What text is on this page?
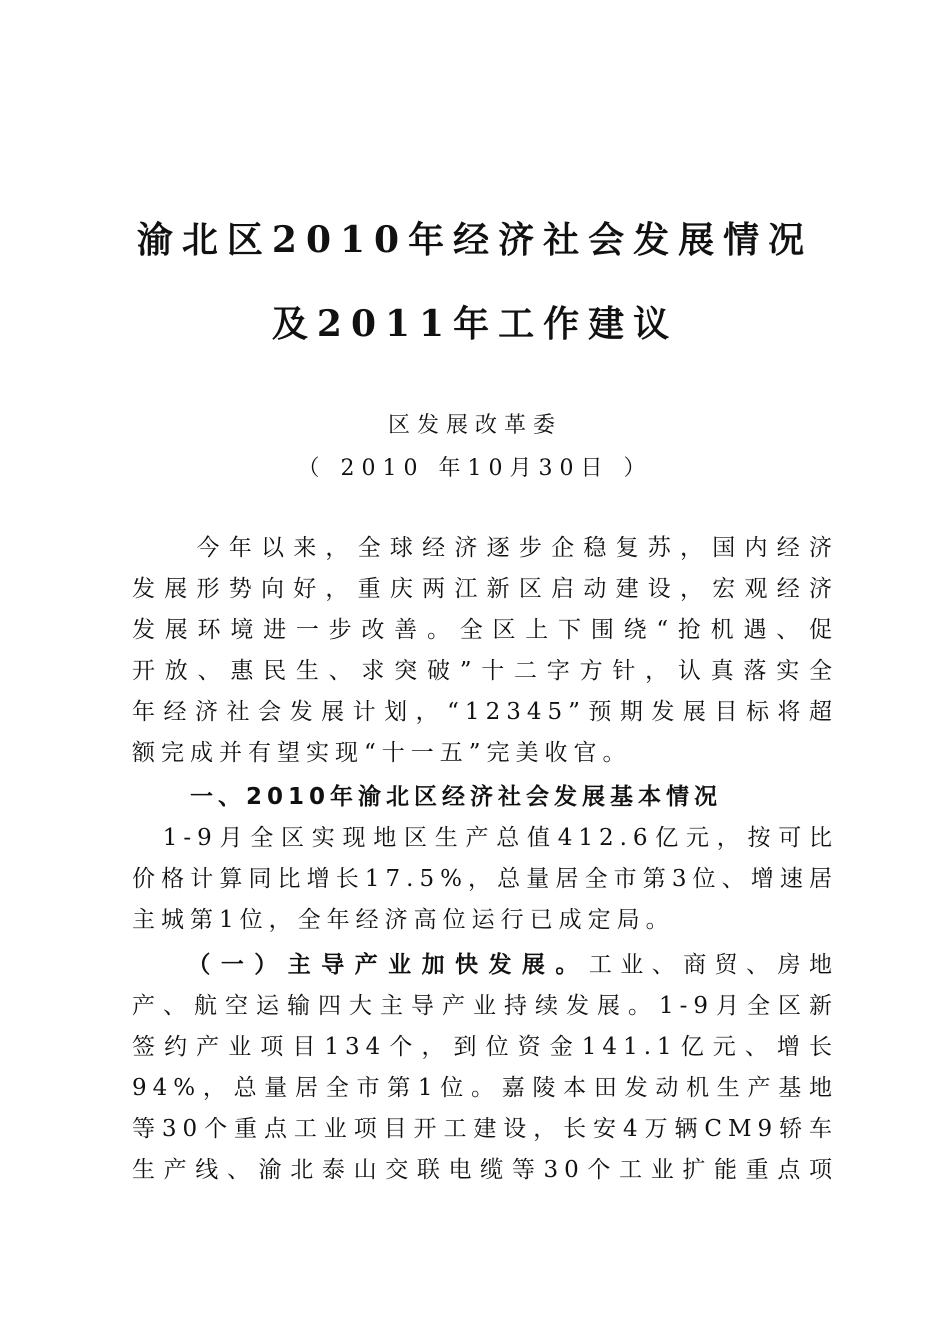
渝北区2010年经济社会发展情况
及2011年工作建议

区发展改革委

（ 2010 年10月30日 ）

　　今年以来，全球经济逐步企稳复苏，国内经济
发展形势向好，重庆两江新区启动建设，宏观经济
发展环境进一步改善。全区上下围绕“抢机遇、促
开放、惠民生、求突破”十二字方针，认真落实全
年经济社会发展计划，“12345”预期发展目标将超
额完成并有望实现“十一五”完美收官。
一、2010年渝北区经济社会发展基本情况
　1-9月全区实现地区生产总值412.6亿元，按可比
价格计算同比增长17.5%，总量居全市第3位、增速居
主城第1位，全年经济高位运行已成定局。
　　（一）主导产业加快发展。工业、商贸、房地
产、航空运输四大主导产业持续发展。1-9月全区新
签约产业项目134个，到位资金141.1亿元、增长
94%，总量居全市第1位。嘉陵本田发动机生产基地
等30个重点工业项目开工建设，长安4万辆CM9轿车
生产线、渝北泰山交联电缆等30个工业扩能重点项
